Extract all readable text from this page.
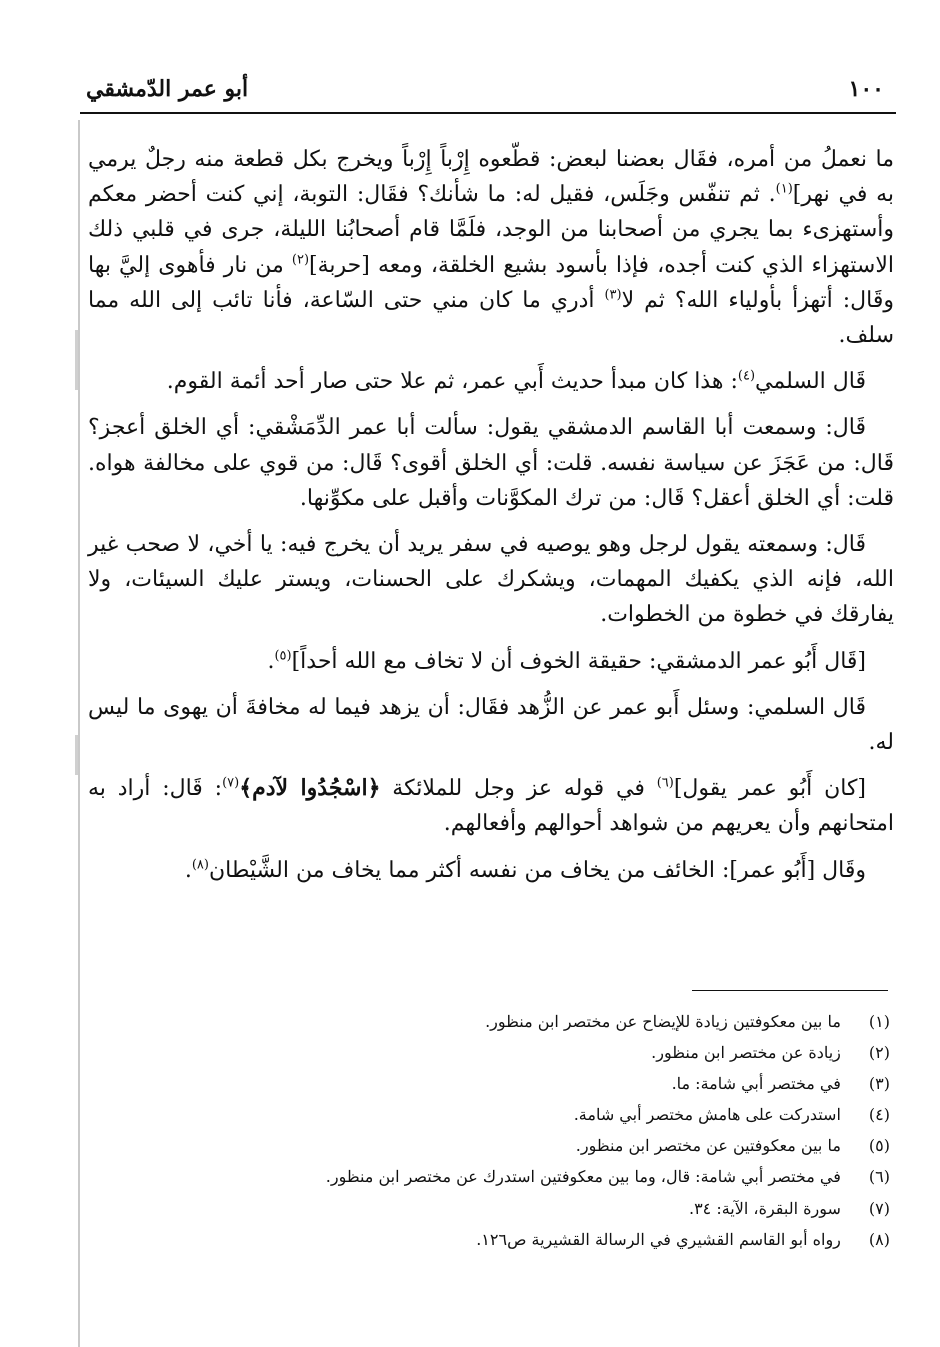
١٠٠
أبو عمر الدّمشقي

ما نعملُ من أمره، فقَال بعضنا لبعض: قطّعوه إِرْباً إِرْباً ويخرج بكل قطعة منه رجلٌ يرمي به في نهر]$^{(١)}$. ثم تنفّس وجَلَس، فقيل له: ما شأنك؟ فقَال: التوبة، إني كنت أحضر معكم وأستهزىء بما يجري من أصحابنا من الوجد، فلَمَّا قام أصحابُنا الليلة، جرى في قلبي ذلك الاستهزاء الذي كنت أجده، فإذا بأسود بشيع الخلقة، ومعه [حربة]$^{(٢)}$ من نار فأهوى إليَّ بها وقَال: أتهزأ بأولياء الله؟ ثم لا$^{(٣)}$ أدري ما كان مني حتى السّاعة، فأنا تائب إلى الله مما سلف.

قَال السلمي$^{(٤)}$: هذا كان مبدأ حديث أَبي عمر، ثم علا حتى صار أحد أئمة القوم.

قَال: وسمعت أبا القاسم الدمشقي يقول: سألت أبا عمر الدِّمَشْقي: أي الخلق أعجز؟ قَال: من عَجَزَ عن سياسة نفسه. قلت: أي الخلق أقوى؟ قَال: من قوي على مخالفة هواه. قلت: أي الخلق أعقل؟ قَال: من ترك المكوَّنات وأقبل على مكوِّنها.

قَال: وسمعته يقول لرجل وهو يوصيه في سفر يريد أن يخرج فيه: يا أخي، لا صحب غير الله، فإنه الذي يكفيك المهمات، ويشكرك على الحسنات، ويستر عليك السيئات، ولا يفارقك في خطوة من الخطوات.

[قَال أَبُو عمر الدمشقي: حقيقة الخوف أن لا تخاف مع الله أحداً]$^{(٥)}$.

قَال السلمي: وسئل أَبو عمر عن الزُّهد فقَال: أن يزهد فيما له مخافةَ أن يهوى ما ليس له.

[كان أَبُو عمر يقول]$^{(٦)}$ في قوله عز وجل للملائكة ﴿اسْجُدُوا لآدم﴾$^{(٧)}$: قَال: أراد به امتحانهم وأن يعريهم من شواهد أحوالهم وأفعالهم.

وقَال [أَبُو عمر]: الخائف من يخاف من نفسه أكثر مما يخاف من الشَّيْطان$^{(٨)}$.

(١) ما بين معكوفتين زيادة للإيضاح عن مختصر ابن منظور.
(٢) زيادة عن مختصر ابن منظور.
(٣) في مختصر أبي شامة: ما.
(٤) استدركت على هامش مختصر أبي شامة.
(٥) ما بين معكوفتين عن مختصر ابن منظور.
(٦) في مختصر أبي شامة: قال، وما بين معكوفتين استدرك عن مختصر ابن منظور.
(٧) سورة البقرة، الآية: ٣٤.
(٨) رواه أبو القاسم القشيري في الرسالة القشيرية ص١٢٦.
